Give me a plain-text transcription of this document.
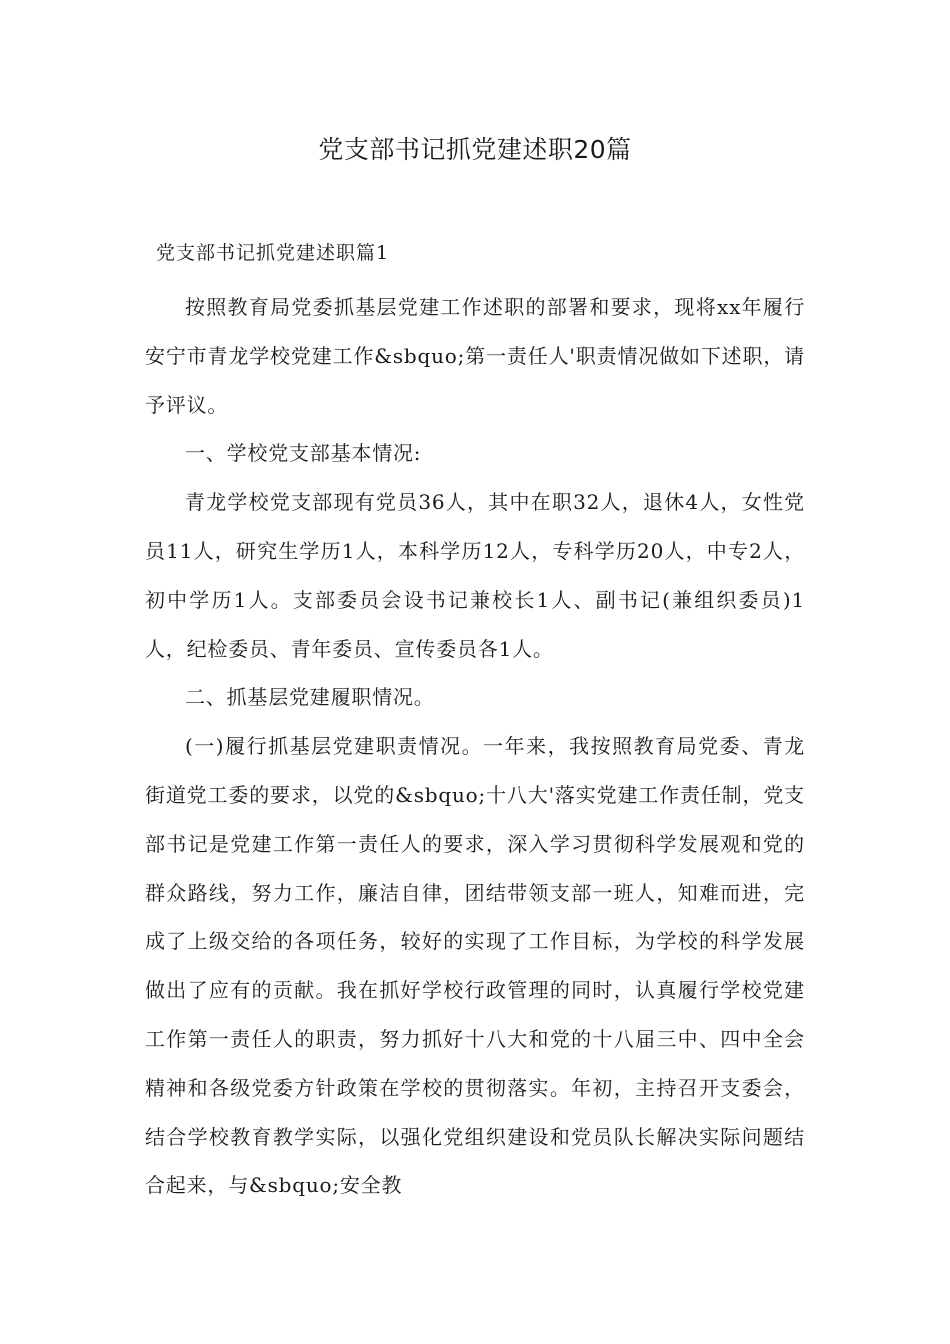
党支部书记抓党建述职20篇
党支部书记抓党建述职篇1

按照教育局党委抓基层党建工作述职的部署和要求，现将xx年履行安宁市青龙学校党建工作&sbquo;第一责任人'职责情况做如下述职，请予评议。

一、学校党支部基本情况:

青龙学校党支部现有党员36人，其中在职32人，退休4人，女性党员11人，研究生学历1人，本科学历12人，专科学历20人，中专2人，初中学历1人。支部委员会设书记兼校长1人、副书记(兼组织委员)1人，纪检委员、青年委员、宣传委员各1人。

二、抓基层党建履职情况。

(一)履行抓基层党建职责情况。一年来，我按照教育局党委、青龙街道党工委的要求，以党的&sbquo;十八大'落实党建工作责任制，党支部书记是党建工作第一责任人的要求，深入学习贯彻科学发展观和党的群众路线，努力工作，廉洁自律，团结带领支部一班人，知难而进，完成了上级交给的各项任务，较好的实现了工作目标，为学校的科学发展做出了应有的贡献。我在抓好学校行政管理的同时，认真履行学校党建工作第一责任人的职责，努力抓好十八大和党的十八届三中、四中全会精神和各级党委方针政策在学校的贯彻落实。年初，主持召开支委会，结合学校教育教学实际，以强化党组织建设和党员队长解决实际问题结合起来，与&sbquo;安全教
